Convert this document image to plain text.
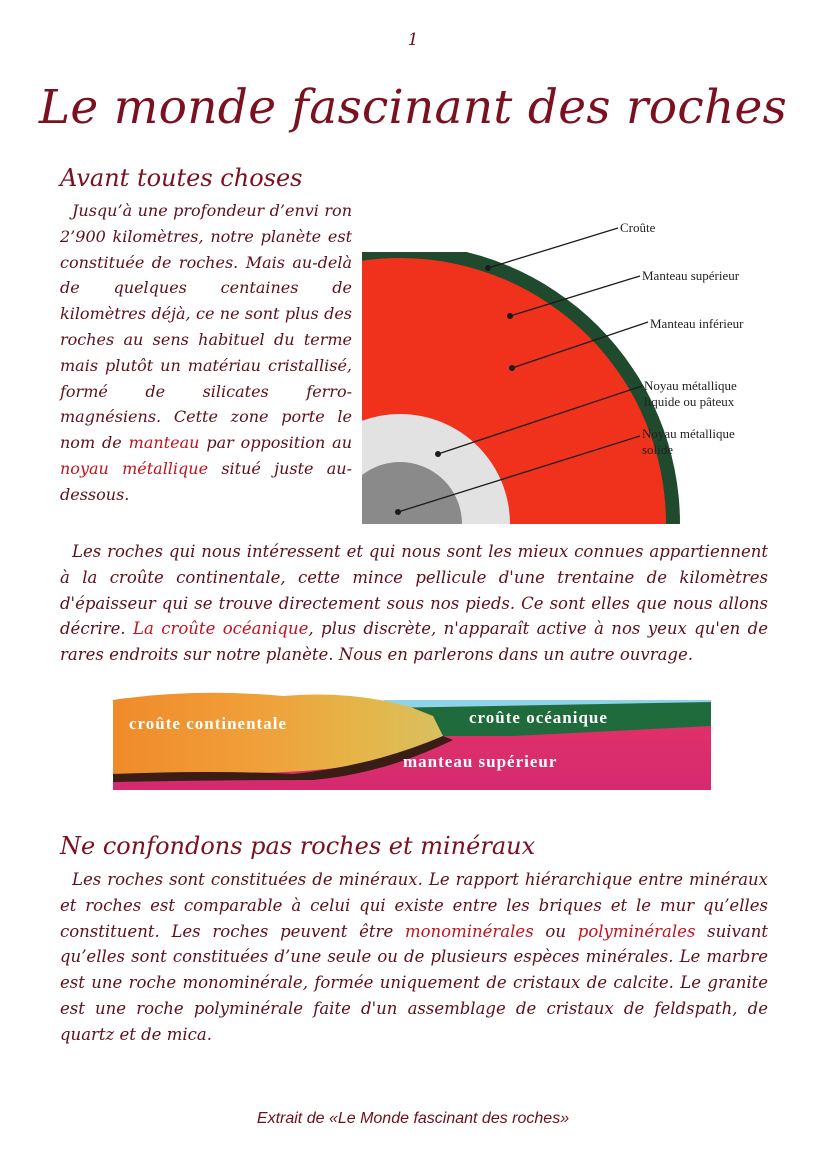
1
Le monde fascinant des roches
Avant toutes choses

Jusqu’à une profondeur d’envi ron 2’900 kilomètres, notre planète est constituée de roches. Mais au-delà de quelques centaines de kilomètres déjà, ce ne sont plus des roches au sens habituel du terme mais plutôt un matériau cristallisé, formé de silicates ferro-magnésiens. Cette zone porte le nom de manteau par opposition au noyau métallique situé juste au-dessous.

Croûte
Manteau supérieur
Manteau inférieur
Noyau métallique
liquide ou pâteux
Noyau métallique
solide

Les roches qui nous intéressent et qui nous sont les mieux connues appartiennent à la croûte continentale, cette mince pellicule d'une trentaine de kilomètres d'épaisseur qui se trouve directement sous nos pieds. Ce sont elles que nous allons décrire. La croûte océanique, plus discrète, n'apparaît active à nos yeux qu'en de rares endroits sur notre planète. Nous en parlerons dans un autre ouvrage.

croûte continentale	croûte océanique
manteau supérieur
Ne confondons pas roches et minéraux

Les roches sont constituées de minéraux. Le rapport hiérarchique entre minéraux et roches est comparable à celui qui existe entre les briques et le mur qu’elles constituent. Les roches peuvent être monominérales ou polyminérales suivant qu’elles sont constituées d’une seule ou de plusieurs espèces minérales. Le marbre est une roche monominérale, formée uniquement de cristaux de calcite. Le granite est une roche polyminérale faite d'un assemblage de cristaux de feldspath, de quartz et de mica.

Extrait de «Le Monde fascinant des roches»
